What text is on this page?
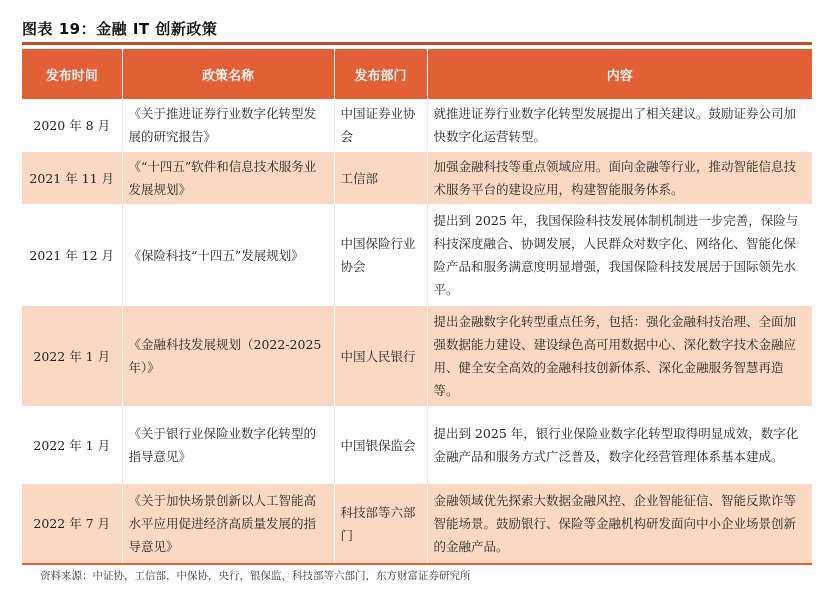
图表 19：金融 IT 创新政策
发布时间	政策名称	发布部门	内容
2020 年 8 月	《关于推进证券行业数字化转型发展的研究报告》	中国证券业协会	就推进证券行业数字化转型发展提出了相关建议。鼓励证券公司加快数字化运营转型。
2021 年 11 月	《“十四五”软件和信息技术服务业发展规划》	工信部	加强金融科技等重点领域应用。面向金融等行业，推动智能信息技术服务平台的建设应用，构建智能服务体系。
2021 年 12 月	《保险科技“十四五”发展规划》	中国保险行业协会	提出到 2025 年，我国保险科技发展体制机制进一步完善，保险与科技深度融合、协调发展，人民群众对数字化、网络化、智能化保险产品和服务满意度明显增强，我国保险科技发展居于国际领先水平。
2022 年 1 月	《金融科技发展规划（2022-2025 年）》	中国人民银行	提出金融数字化转型重点任务，包括：强化金融科技治理、全面加强数据能力建设、建设绿色高可用数据中心、深化数字技术金融应用、健全安全高效的金融科技创新体系、深化金融服务智慧再造等。
2022 年 1 月	《关于银行业保险业数字化转型的指导意见》	中国银保监会	提出到 2025 年，银行业保险业数字化转型取得明显成效，数字化金融产品和服务方式广泛普及，数字化经营管理体系基本建成。
2022 年 7 月	《关于加快场景创新以人工智能高水平应用促进经济高质量发展的指导意见》	科技部等六部门	金融领域优先探索大数据金融风控、企业智能征信、智能反欺诈等智能场景。鼓励银行、保险等金融机构研发面向中小企业场景创新的金融产品。
资料来源：中证协，工信部，中保协，央行，银保监，科技部等六部门，东方财富证券研究所
